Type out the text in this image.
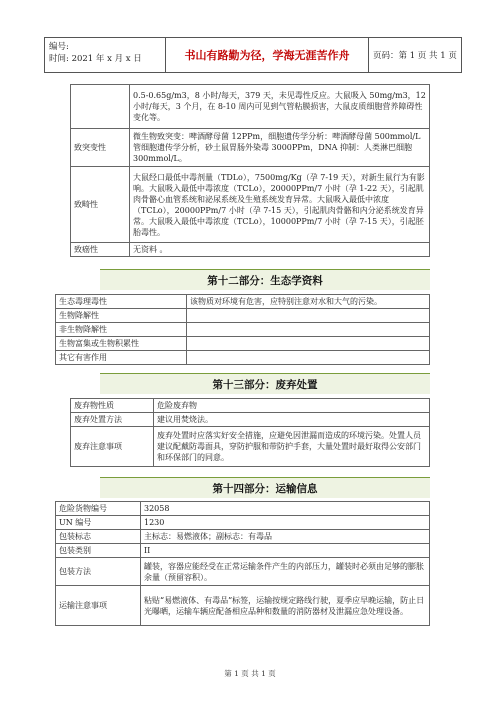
编号:
时间: 2021 年 x 月 x 日	书山有路勤为径，学海无涯苦作舟	页码：第 1 页 共 1 页
	0.5-0.65g/m3，8 小时/每天，379 天，未见毒性反应。大鼠吸入 50mg/m3，12 小时/每天，3 个月，在 8-10 周内可见到气管粘膜损害，大鼠皮质细胞营养障碍性变化等。
致突变性	微生物致突变：啤酒酵母菌 12PPm，细胞遗传学分析：啤酒酵母菌 500mmol/L 管细胞遗传学分析，砂土鼠胃肠外染毒 3000PPm，DNA 抑制：人类淋巴细胞 300mmol/L。
致畸性	大鼠经口最低中毒剂量（TDLo），7500mg/Kg（孕 7-19 天），对新生鼠行为有影响。大鼠吸入最低中毒浓度（TCLo），20000PPm/7 小时（孕 1-22 天），引起肌肉骨骼心血管系统和泌尿系统及生殖系统发育异常。大鼠吸入最低中浓度（TCLo），20000PPm/7 小时（孕 7-15 天），引起肌肉骨骼和内分泌系统发育异常。大鼠吸入最低中毒浓度（TCLo），10000PPm/7 小时（孕 7-15 天），引起胚胎毒性。
致癌性	无资料 。
第十二部分：生态学资料
生态毒理毒性	该物质对环境有危害，应特别注意对水和大气的污染。
生物降解性	
非生物降解性	
生物富集或生物积累性	
其它有害作用	
第十三部分：废弃处置
废弃物性质	危险废弃物
废弃处置方法	建议用焚烧法。
废弃注意事项	废弃处置时应落实好安全措施，应避免因泄漏而造成的环境污染。处置人员建议配戴防毒面具，穿防护服和带防护手套，大量处置时最好取得公安部门和环保部门的同意。
第十四部分：运输信息
危险货物编号	32058
UN 编号	1230
包装标志	主标志：易燃液体；副标志：有毒品
包装类别	II
包装方法	罐装，容器应能经受在正常运输条件产生的内部压力，罐装时必须由足够的膨胀余量（预留容积）。
运输注意事项	粘贴“易燃液体、有毒品”标签，运输按规定路线行驶，夏季应早晚运输，防止日光曝晒，运输车辆应配备相应品种和数量的消防器材及泄漏应急处理设备。
第 1 页 共 1 页
